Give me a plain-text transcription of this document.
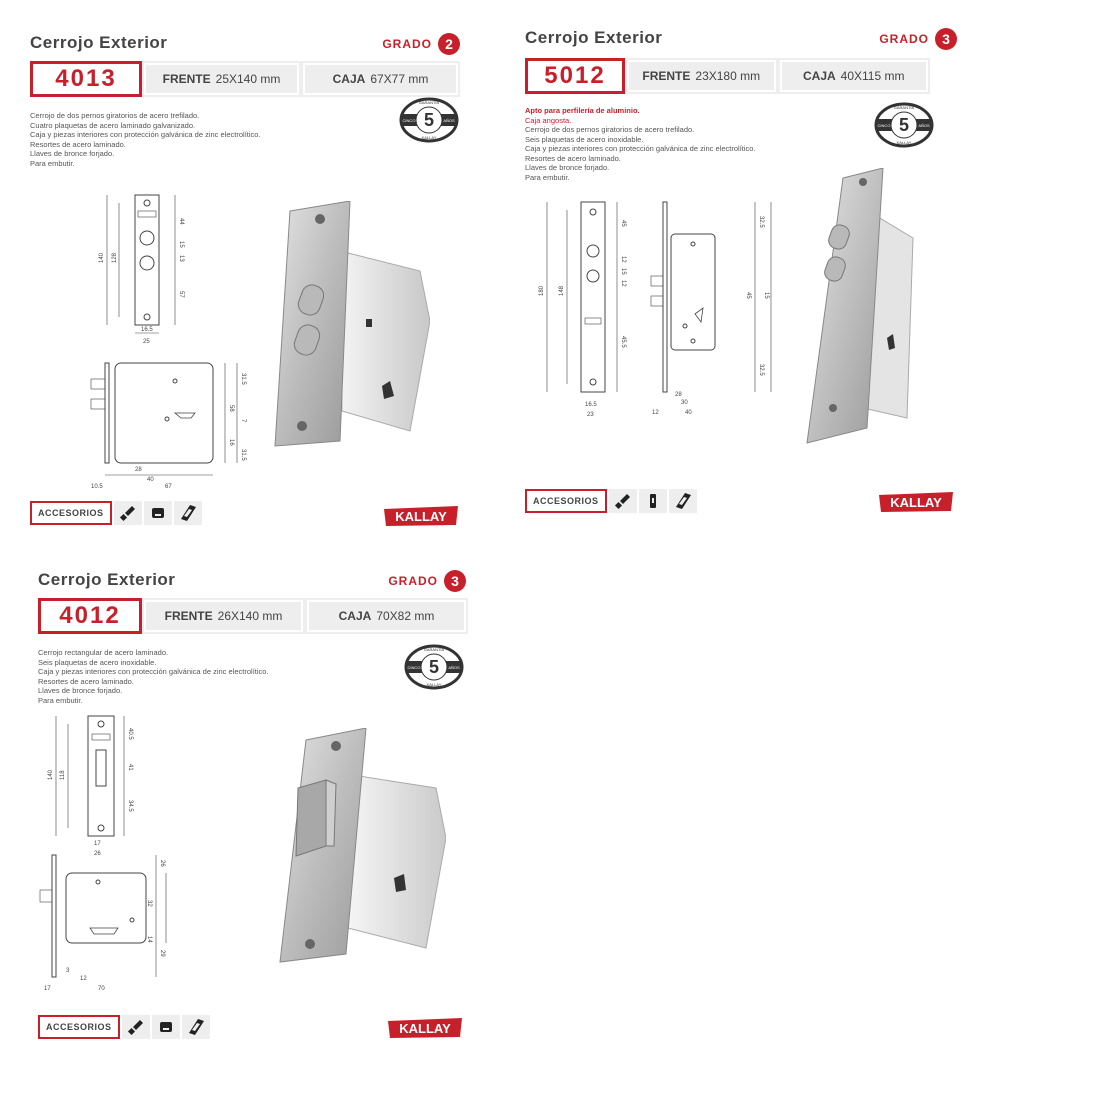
Cerrojo Exterior	GRADO 2
4013	FRENTE 25X140 mm	CAJA 67X77 mm
Cerrojo de dos pernos giratorios de acero trefilado.
Cuatro plaquetas de acero laminado galvanizado.
Caja y piezas interiores con protección galvánica de zinc electrolítico.
Resortes de acero laminado.
Llaves de bronce forjado.
Para embutir.
5
CINCO	AÑOS
GARANTÍA
KALLAY
140 128
44
15
13
57
16.5
25
31.5
58
7
16
31.5
28
40
10.5	67
ACCESORIOS	KALLAY
Cerrojo Exterior	GRADO 3
5012	FRENTE 23X180 mm	CAJA 40X115 mm
Apto para perfilería de aluminio.
Caja angosta.
Cerrojo de dos pernos giratorios de acero trefilado.
Seis plaquetas de acero inoxidable.
Caja y piezas interiores con protección galvánica de zinc electrolítico.
Resortes de acero laminado.
Llaves de bronce forjado.
Para embutir.
5
CINCO	AÑOS
GARANTÍA
KALLAY
180 148
45
12
15
12
45.5
16.5
23
32.5
45 15
32.5
28
30
12	40
ACCESORIOS	KALLAY
Cerrojo Exterior	GRADO 3
4012	FRENTE 26X140 mm	CAJA 70X82 mm
Cerrojo rectangular de acero laminado.
Seis plaquetas de acero inoxidable.
Caja y piezas interiores con protección galvánica de zinc electrolítico.
Resortes de acero laminado.
Llaves de bronce forjado.
Para embutir.
5
CINCO	AÑOS
GARANTÍA
KALLAY
140 118
40.5
41
34.5
17
26
26
32
14
29
3
12
17	70
ACCESORIOS	KALLAY
